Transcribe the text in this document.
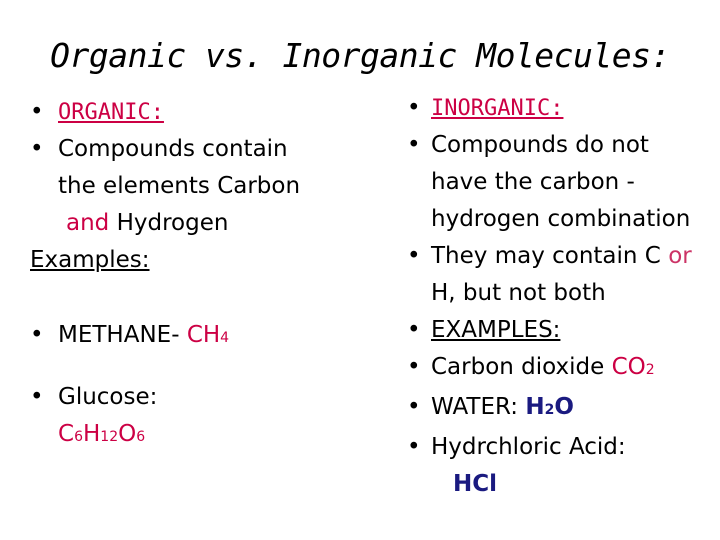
Organic vs. Inorganic Molecules:
• ORGANIC:
• Compounds contain
the elements Carbon
and Hydrogen
Examples:
• METHANE- CH4
• Glucose:
C6H12O6
• INORGANIC:
• Compounds do not
have the carbon -
hydrogen combination
• They may contain C or
H, but not both
• EXAMPLES:
• Carbon dioxide CO2
• WATER: H2O
• Hydrchloric Acid:
HCl
